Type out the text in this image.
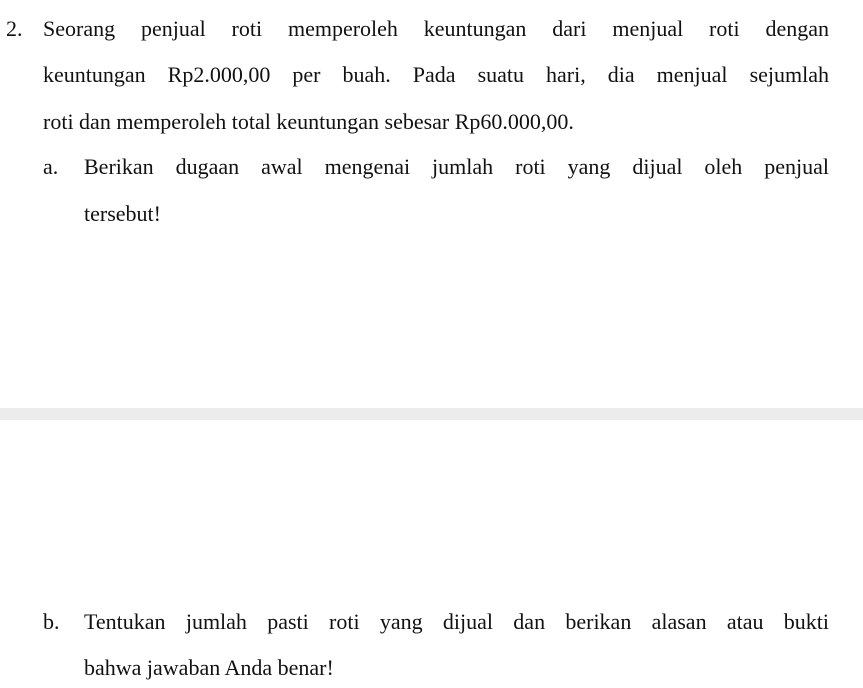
2. Seorang penjual roti memperoleh keuntungan dari menjual roti dengan
keuntungan Rp2.000,00 per buah. Pada suatu hari, dia menjual sejumlah
roti dan memperoleh total keuntungan sebesar Rp60.000,00.
a. Berikan dugaan awal mengenai jumlah roti yang dijual oleh penjual
tersebut!
b. Tentukan jumlah pasti roti yang dijual dan berikan alasan atau bukti
bahwa jawaban Anda benar!
